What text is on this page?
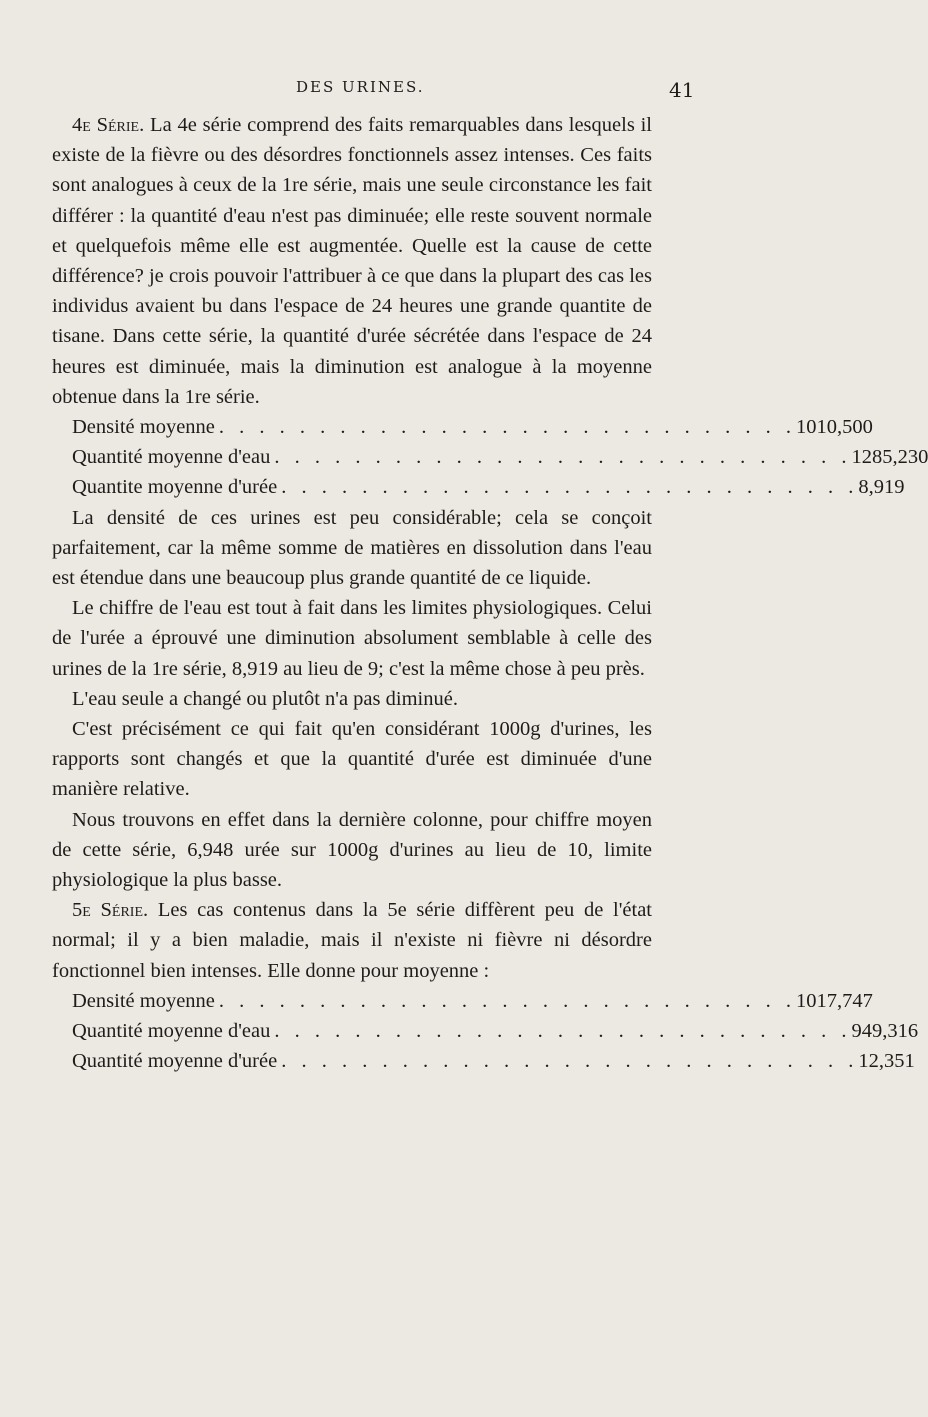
DES URINES.	41

4e Série. La 4e série comprend des faits remarquables dans lesquels il existe de la fièvre ou des désordres fonctionnels assez intenses. Ces faits sont analogues à ceux de la 1re série, mais une seule circonstance les fait différer : la quantité d'eau n'est pas diminuée; elle reste souvent normale et quelquefois même elle est augmentée. Quelle est la cause de cette différence? je crois pouvoir l'attribuer à ce que dans la plupart des cas les individus avaient bu dans l'espace de 24 heures une grande quantite de tisane. Dans cette série, la quantité d'urée sécrétée dans l'espace de 24 heures est diminuée, mais la diminution est analogue à la moyenne obtenue dans la 1re série.

Densité moyenne . . . . . . . . . . . . . . . . . . . . . . . . . . . . . 1010,500
Quantité moyenne d'eau . . . . . . . . . . . . . . . . . . . . . . . . . . . . . 1285,230
Quantite moyenne d'urée . . . . . . . . . . . . . . . . . . . . . . . . . . . . . 8,919

La densité de ces urines est peu considérable; cela se conçoit parfaitement, car la même somme de matières en dissolution dans l'eau est étendue dans une beaucoup plus grande quantité de ce liquide.

Le chiffre de l'eau est tout à fait dans les limites physiologiques. Celui de l'urée a éprouvé une diminution absolument semblable à celle des urines de la 1re série, 8,919 au lieu de 9; c'est la même chose à peu près.

L'eau seule a changé ou plutôt n'a pas diminué.

C'est précisément ce qui fait qu'en considérant 1000g d'urines, les rapports sont changés et que la quantité d'urée est diminuée d'une manière relative.

Nous trouvons en effet dans la dernière colonne, pour chiffre moyen de cette série, 6,948 urée sur 1000g d'urines au lieu de 10, limite physiologique la plus basse.

5e Série. Les cas contenus dans la 5e série diffèrent peu de l'état normal; il y a bien maladie, mais il n'existe ni fièvre ni désordre fonctionnel bien intenses. Elle donne pour moyenne :

Densité moyenne . . . . . . . . . . . . . . . . . . . . . . . . . . . . . 1017,747
Quantité moyenne d'eau . . . . . . . . . . . . . . . . . . . . . . . . . . . . . 949,316
Quantité moyenne d'urée . . . . . . . . . . . . . . . . . . . . . . . . . . . . . 12,351
